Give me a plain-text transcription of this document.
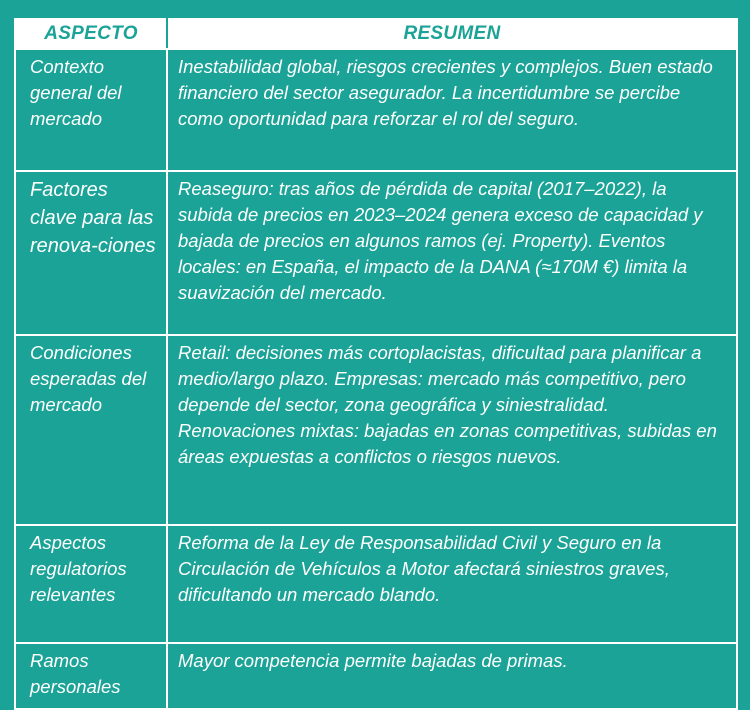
ASPECTO	RESUMEN
Contexto general del mercado	Inestabilidad global, riesgos crecientes y complejos. Buen estado financiero del sector asegurador. La incertidumbre se percibe como oportunidad para reforzar el rol del seguro.
Factores clave para las renova-ciones	Reaseguro: tras años de pérdida de capital (2017–2022), la subida de precios en 2023–2024 genera exceso de capacidad y bajada de precios en algunos ramos (ej. Property). Eventos locales: en España, el impacto de la DANA (≈170M €) limita la suavización del mercado.
Condiciones esperadas del mercado	Retail: decisiones más cortoplacistas, dificultad para planificar a medio/largo plazo. Empresas: mercado más competitivo, pero depende del sector, zona geográfica y siniestralidad. Renovaciones mixtas: bajadas en zonas competitivas, subidas en áreas expuestas a conflictos o riesgos nuevos.
Aspectos regulatorios relevantes	Reforma de la Ley de Responsabilidad Civil y Seguro en la Circulación de Vehículos a Motor afectará siniestros graves, dificultando un mercado blando.
Ramos personales	Mayor competencia permite bajadas de primas.
